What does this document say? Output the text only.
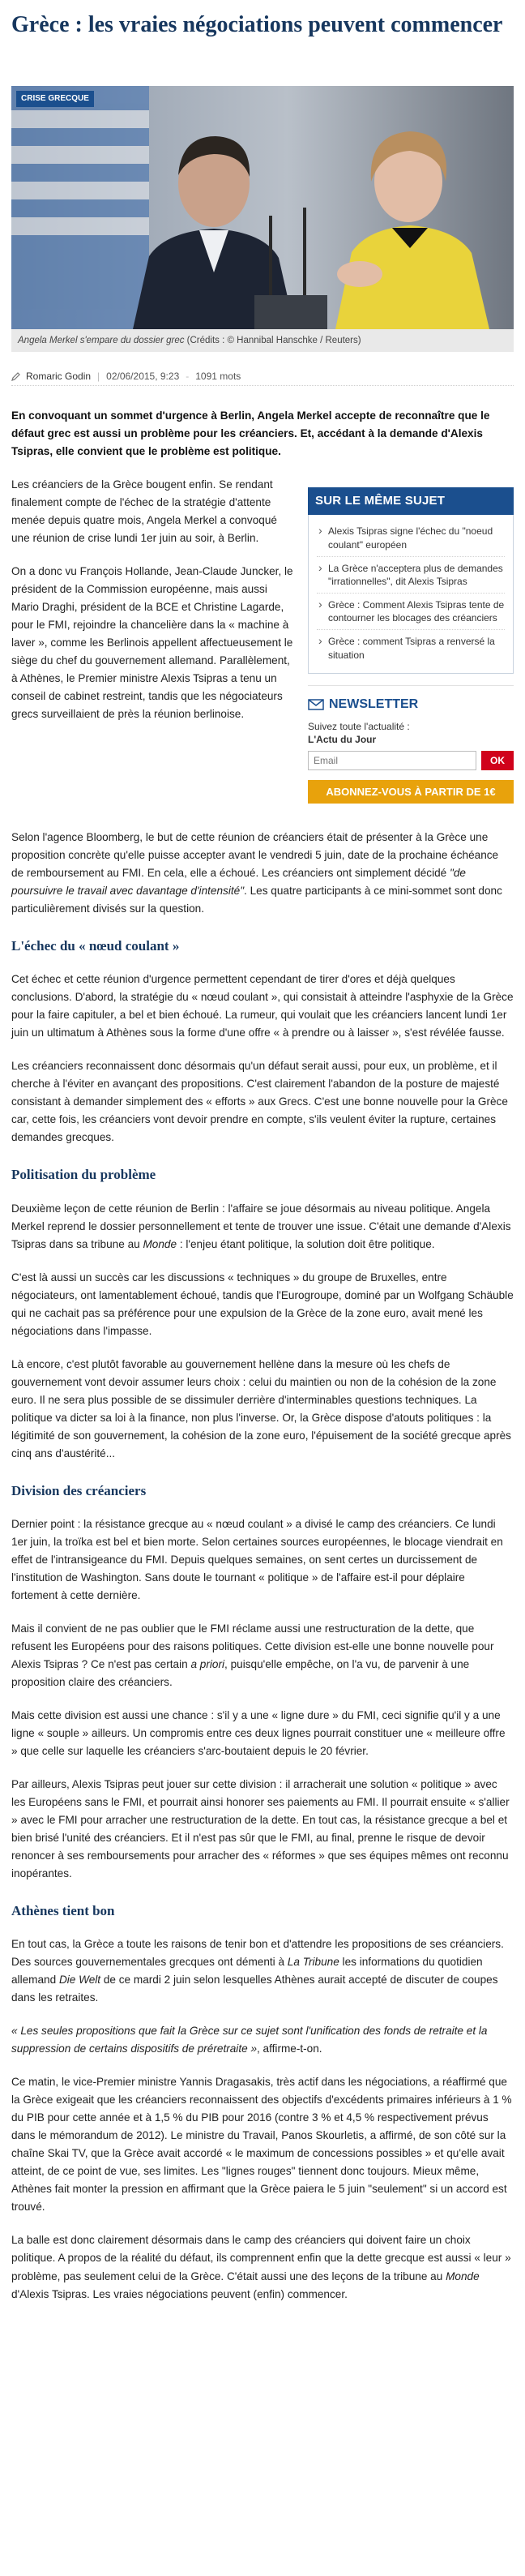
Grèce : les vraies négociations peuvent commencer
CRISE GRECQUE
Angela Merkel s'empare du dossier grec (Crédits : © Hannibal Hanschke / Reuters)
Romaric Godin | 02/06/2015, 9:23 - 1091 mots

En convoquant un sommet d'urgence à Berlin, Angela Merkel accepte de reconnaître que le défaut grec est aussi un problème pour les créanciers. Et, accédant à la demande d'Alexis Tsipras, elle convient que le problème est politique.

SUR LE MÊME SUJET
› Alexis Tsipras signe l'échec du "noeud coulant" européen
› La Grèce n'acceptera plus de demandes "irrationnelles", dit Alexis Tsipras
› Grèce : Comment Alexis Tsipras tente de contourner les blocages des créanciers
› Grèce : comment Tsipras a renversé la situation
NEWSLETTER
Suivez toute l'actualité :
L'Actu du Jour
Email
OK
ABONNEZ-VOUS À PARTIR DE 1€

Les créanciers de la Grèce bougent enfin. Se rendant finalement compte de l'échec de la stratégie d'attente menée depuis quatre mois, Angela Merkel a convoqué une réunion de crise lundi 1er juin au soir, à Berlin.

On a donc vu François Hollande, Jean-Claude Juncker, le président de la Commission européenne, mais aussi Mario Draghi, président de la BCE et Christine Lagarde, pour le FMI, rejoindre la chancelière dans la « machine à laver », comme les Berlinois appellent affectueusement le siège du chef du gouvernement allemand. Parallèlement, à Athènes, le Premier ministre Alexis Tsipras a tenu un conseil de cabinet restreint, tandis que les négociateurs grecs surveillaient de près la réunion berlinoise.

Selon l'agence Bloomberg, le but de cette réunion de créanciers était de présenter à la Grèce une proposition concrète qu'elle puisse accepter avant le vendredi 5 juin, date de la prochaine échéance de remboursement au FMI. En cela, elle a échoué. Les créanciers ont simplement décidé "de poursuivre le travail avec davantage d'intensité". Les quatre participants à ce mini-sommet sont donc particulièrement divisés sur la question.

L'échec du « nœud coulant »

Cet échec et cette réunion d'urgence permettent cependant de tirer d'ores et déjà quelques conclusions. D'abord, la stratégie du « nœud coulant », qui consistait à atteindre l'asphyxie de la Grèce pour la faire capituler, a bel et bien échoué. La rumeur, qui voulait que les créanciers lancent lundi 1er juin un ultimatum à Athènes sous la forme d'une offre « à prendre ou à laisser », s'est révélée fausse.

Les créanciers reconnaissent donc désormais qu'un défaut serait aussi, pour eux, un problème, et il cherche à l'éviter en avançant des propositions. C'est clairement l'abandon de la posture de majesté consistant à demander simplement des « efforts » aux Grecs. C'est une bonne nouvelle pour la Grèce car, cette fois, les créanciers vont devoir prendre en compte, s'ils veulent éviter la rupture, certaines demandes grecques.

Politisation du problème

Deuxième leçon de cette réunion de Berlin : l'affaire se joue désormais au niveau politique. Angela Merkel reprend le dossier personnellement et tente de trouver une issue. C'était une demande d'Alexis Tsipras dans sa tribune au Monde : l'enjeu étant politique, la solution doit être politique.

C'est là aussi un succès car les discussions « techniques » du groupe de Bruxelles, entre négociateurs, ont lamentablement échoué, tandis que l'Eurogroupe, dominé par un Wolfgang Schäuble qui ne cachait pas sa préférence pour une expulsion de la Grèce de la zone euro, avait mené les négociations dans l'impasse.

Là encore, c'est plutôt favorable au gouvernement hellène dans la mesure où les chefs de gouvernement vont devoir assumer leurs choix : celui du maintien ou non de la cohésion de la zone euro. Il ne sera plus possible de se dissimuler derrière d'interminables questions techniques. La politique va dicter sa loi à la finance, non plus l'inverse. Or, la Grèce dispose d'atouts politiques : la légitimité de son gouvernement, la cohésion de la zone euro, l'épuisement de la société grecque après cinq ans d'austérité...

Division des créanciers

Dernier point : la résistance grecque au « nœud coulant » a divisé le camp des créanciers. Ce lundi 1er juin, la troïka est bel et bien morte. Selon certaines sources européennes, le blocage viendrait en effet de l'intransigeance du FMI. Depuis quelques semaines, on sent certes un durcissement de l'institution de Washington. Sans doute le tournant « politique » de l'affaire est-il pour déplaire fortement à cette dernière.

Mais il convient de ne pas oublier que le FMI réclame aussi une restructuration de la dette, que refusent les Européens pour des raisons politiques. Cette division est-elle une bonne nouvelle pour Alexis Tsipras ? Ce n'est pas certain a priori, puisqu'elle empêche, on l'a vu, de parvenir à une proposition claire des créanciers.

Mais cette division est aussi une chance : s'il y a une « ligne dure » du FMI, ceci signifie qu'il y a une ligne « souple » ailleurs. Un compromis entre ces deux lignes pourrait constituer une « meilleure offre » que celle sur laquelle les créanciers s'arc-boutaient depuis le 20 février.

Par ailleurs, Alexis Tsipras peut jouer sur cette division : il arracherait une solution « politique » avec les Européens sans le FMI, et pourrait ainsi honorer ses paiements au FMI. Il pourrait ensuite « s'allier » avec le FMI pour arracher une restructuration de la dette. En tout cas, la résistance grecque a bel et bien brisé l'unité des créanciers. Et il n'est pas sûr que le FMI, au final, prenne le risque de devoir renoncer à ses remboursements pour arracher des « réformes » que ses équipes mêmes ont reconnu inopérantes.

Athènes tient bon

En tout cas, la Grèce a toute les raisons de tenir bon et d'attendre les propositions de ses créanciers. Des sources gouvernementales grecques ont démenti à La Tribune les informations du quotidien allemand Die Welt de ce mardi 2 juin selon lesquelles Athènes aurait accepté de discuter de coupes dans les retraites.

« Les seules propositions que fait la Grèce sur ce sujet sont l'unification des fonds de retraite et la suppression de certains dispositifs de préretraite », affirme-t-on.

Ce matin, le vice-Premier ministre Yannis Dragasakis, très actif dans les négociations, a réaffirmé que la Grèce exigeait que les créanciers reconnaissent des objectifs d'excédents primaires inférieurs à 1 % du PIB pour cette année et à 1,5 % du PIB pour 2016 (contre 3 % et 4,5 % respectivement prévus dans le mémorandum de 2012). Le ministre du Travail, Panos Skourletis, a affirmé, de son côté sur la chaîne Skai TV, que la Grèce avait accordé « le maximum de concessions possibles » et qu'elle avait atteint, de ce point de vue, ses limites. Les "lignes rouges" tiennent donc toujours. Mieux même, Athènes fait monter la pression en affirmant que la Grèce paiera le 5 juin "seulement" si un accord est trouvé.

La balle est donc clairement désormais dans le camp des créanciers qui doivent faire un choix politique. A propos de la réalité du défaut, ils comprennent enfin que la dette grecque est aussi « leur » problème, pas seulement celui de la Grèce. C'était aussi une des leçons de la tribune au Monde d'Alexis Tsipras. Les vraies négociations peuvent (enfin) commencer.
